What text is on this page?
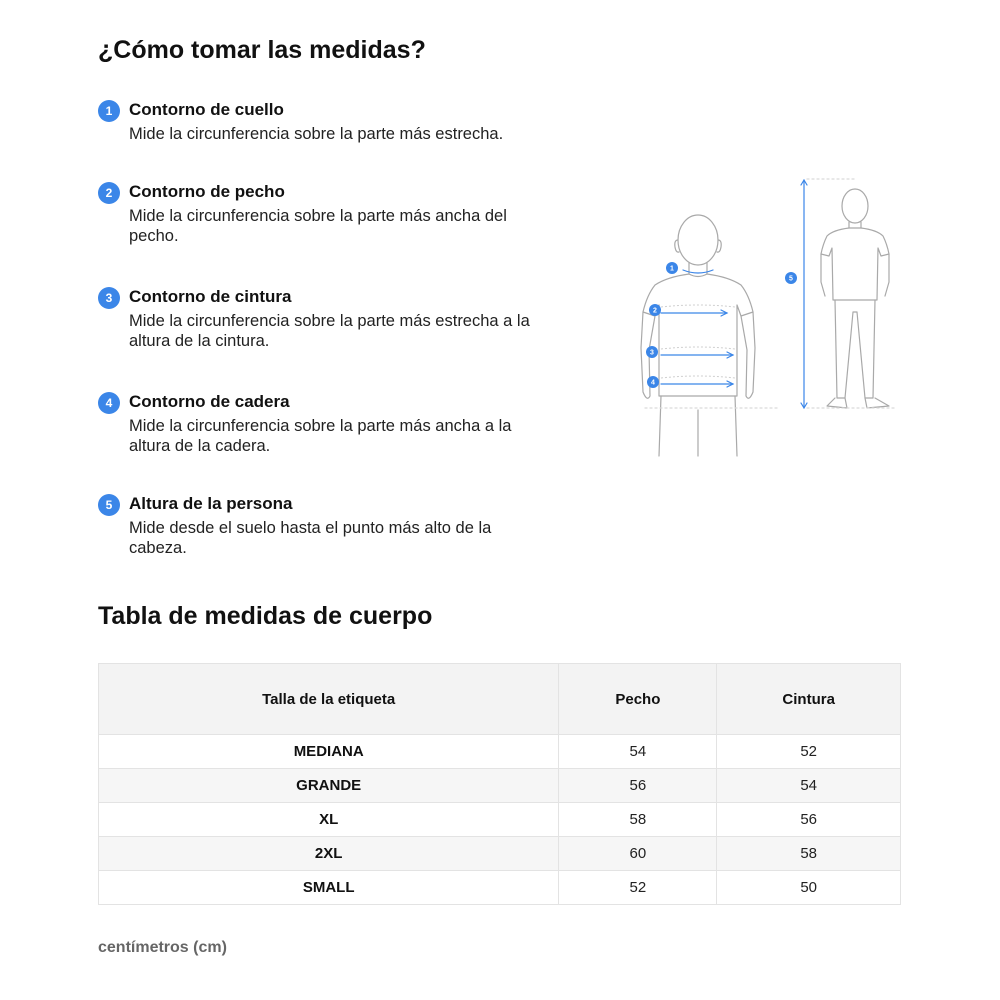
¿Cómo tomar las medidas?
1 Contorno de cuello
Mide la circunferencia sobre la parte más estrecha.
2 Contorno de pecho
Mide la circunferencia sobre la parte más ancha del pecho.
3 Contorno de cintura
Mide la circunferencia sobre la parte más estrecha a la altura de la cintura.
4 Contorno de cadera
Mide la circunferencia sobre la parte más ancha a la altura de la cadera.
5 Altura de la persona
Mide desde el suelo hasta el punto más alto de la cabeza.
1
2
3
4
5
Tabla de medidas de cuerpo
Talla de la etiqueta	Pecho	Cintura
MEDIANA	54	52
GRANDE	56	54
XL	58	56
2XL	60	58
SMALL	52	50
centímetros (cm)
